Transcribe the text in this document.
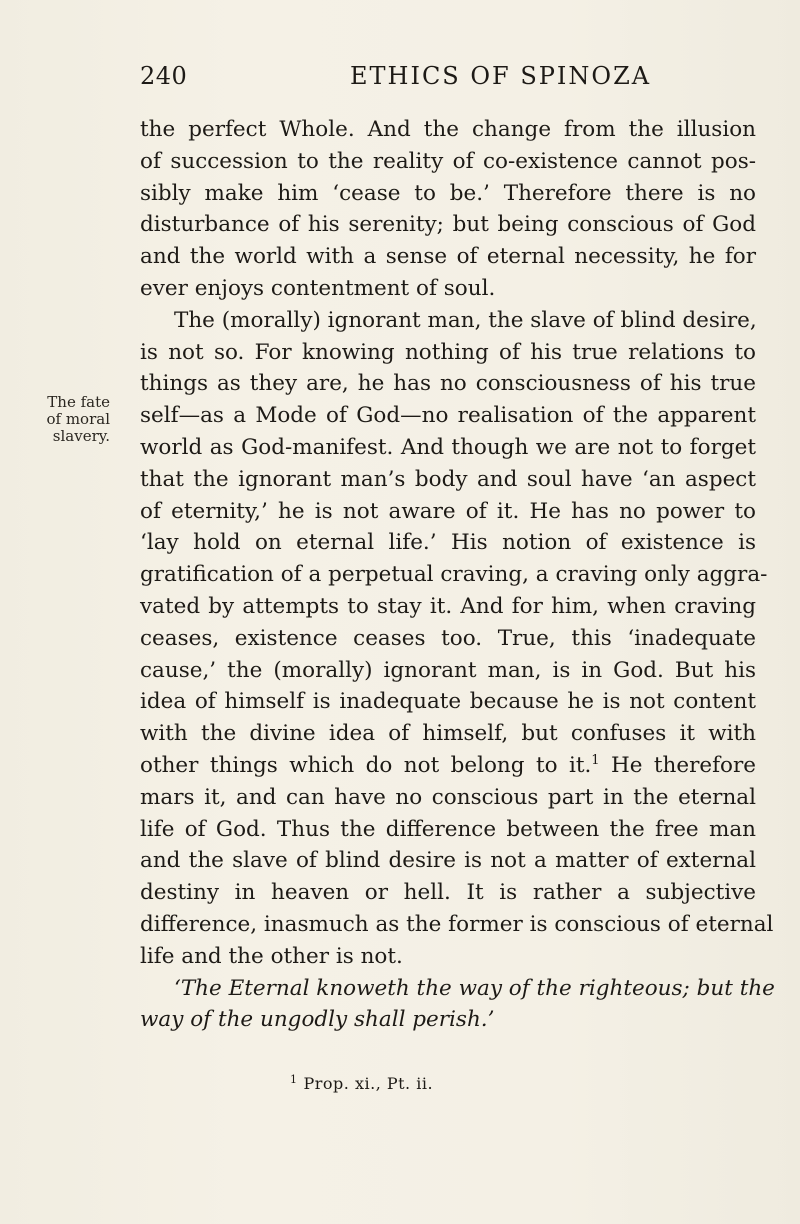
240	ETHICS OF SPINOZA
The fate
of moral
slavery.
the perfect Whole. And the change from the illusion
of succession to the reality of co-existence cannot pos-
sibly make him ‘cease to be.’ Therefore there is no
disturbance of his serenity; but being conscious of God
and the world with a sense of eternal necessity, he for
ever enjoys contentment of soul.
The (morally) ignorant man, the slave of blind desire,
is not so. For knowing nothing of his true relations to
things as they are, he has no consciousness of his true
self—as a Mode of God—no realisation of the apparent
world as God-manifest. And though we are not to forget
that the ignorant man’s body and soul have ‘an aspect
of eternity,’ he is not aware of it. He has no power to
‘lay hold on eternal life.’ His notion of existence is
gratification of a perpetual craving, a craving only aggra-
vated by attempts to stay it. And for him, when craving
ceases, existence ceases too. True, this ‘inadequate
cause,’ the (morally) ignorant man, is in God. But his
idea of himself is inadequate because he is not content
with the divine idea of himself, but confuses it with
other things which do not belong to it.$^1$ He therefore
mars it, and can have no conscious part in the eternal
life of God. Thus the difference between the free man
and the slave of blind desire is not a matter of external
destiny in heaven or hell. It is rather a subjective
difference, inasmuch as the former is conscious of eternal
life and the other is not.
‘The Eternal knoweth the way of the righteous; but the
way of the ungodly shall perish.’
$^1$ Prop. xi., Pt. ii.
